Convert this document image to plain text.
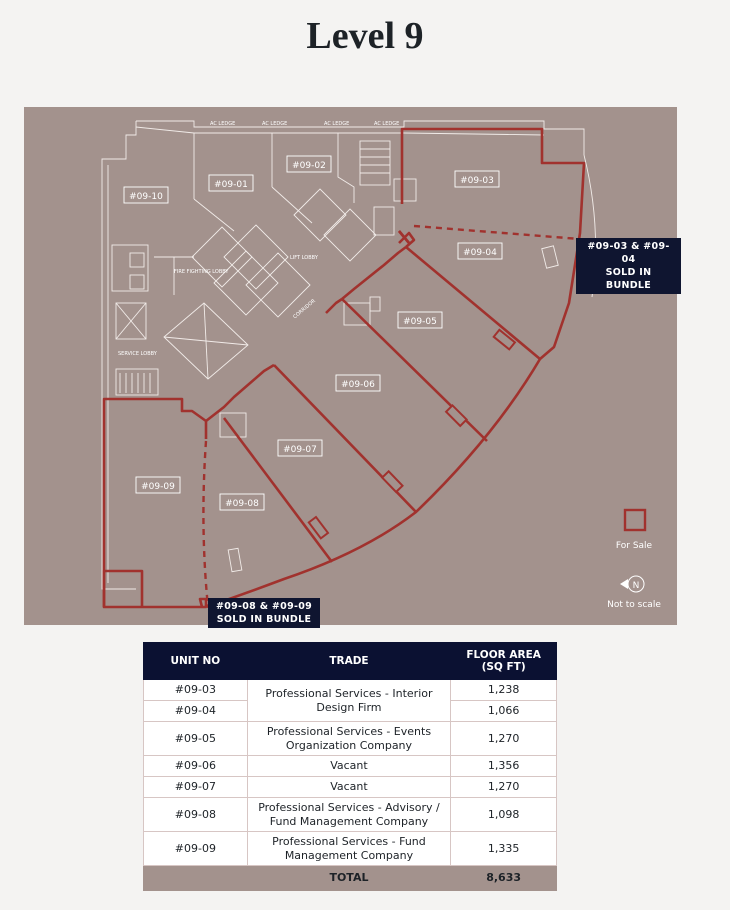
Level 9
#09-10
#09-01
#09-02
#09-03
#09-04
#09-05
#09-06
#09-07
#09-08
#09-09
AC LEDGE	AC LEDGE	AC LEDGE	AC LEDGE
LIFT LOBBY
CORRIDOR
FIRE FIGHTING LOBBY
SERVICE LOBBY
For Sale
N
Not to scale
#09-03 & #09-04
SOLD IN BUNDLE
#09-08 & #09-09
SOLD IN BUNDLE
UNIT NO	TRADE	FLOOR AREA (SQ FT)
#09-03	Professional Services - Interior Design Firm	1,238
#09-04		1,066
#09-05	Professional Services - Events Organization Company	1,270
#09-06	Vacant	1,356
#09-07	Vacant	1,270
#09-08	Professional Services - Advisory / Fund Management Company	1,098
#09-09	Professional Services - Fund Management Company	1,335
	TOTAL	8,633
